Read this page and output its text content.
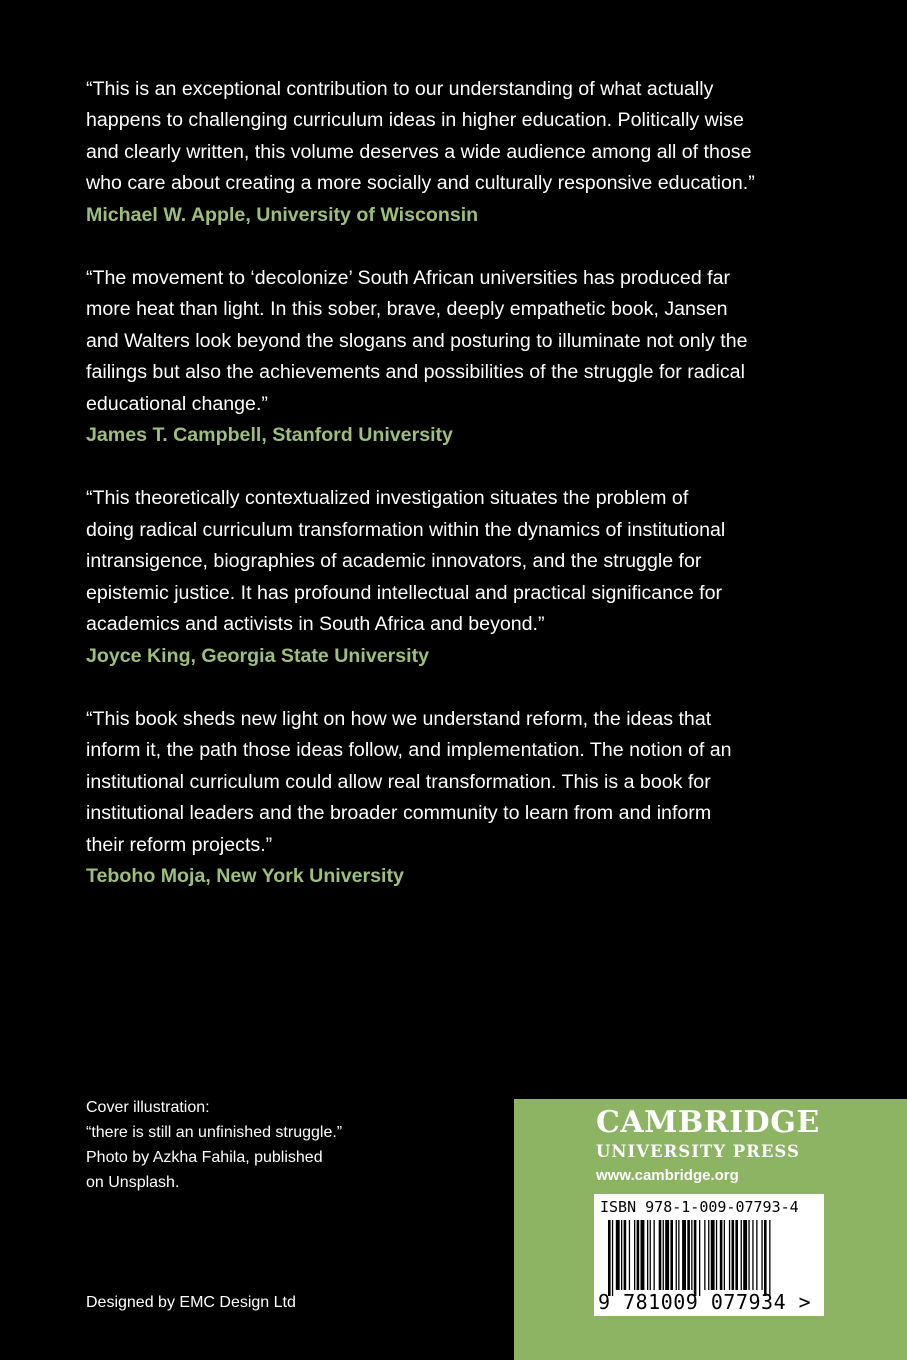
“This is an exceptional contribution to our understanding of what actually
happens to challenging curriculum ideas in higher education. Politically wise
and clearly written, this volume deserves a wide audience among all of those
who care about creating a more socially and culturally responsive education.”

Michael W. Apple, University of Wisconsin

“The movement to ‘decolonize’ South African universities has produced far
more heat than light. In this sober, brave, deeply empathetic book, Jansen
and Walters look beyond the slogans and posturing to illuminate not only the
failings but also the achievements and possibilities of the struggle for radical
educational change.”

James T. Campbell, Stanford University

“This theoretically contextualized investigation situates the problem of
doing radical curriculum transformation within the dynamics of institutional
intransigence, biographies of academic innovators, and the struggle for
epistemic justice. It has profound intellectual and practical significance for
academics and activists in South Africa and beyond.”

Joyce King, Georgia State University

“This book sheds new light on how we understand reform, the ideas that
inform it, the path those ideas follow, and implementation. The notion of an
institutional curriculum could allow real transformation. This is a book for
institutional leaders and the broader community to learn from and inform
their reform projects.”

Teboho Moja, New York University

Cover illustration:
“there is still an unfinished struggle.”
Photo by Azkha Fahila, published
on Unsplash.
Designed by EMC Design Ltd
CAMBRIDGE
UNIVERSITY PRESS
www.cambridge.org
ISBN 978-1-009-07793-4
9 781009 077934 >
